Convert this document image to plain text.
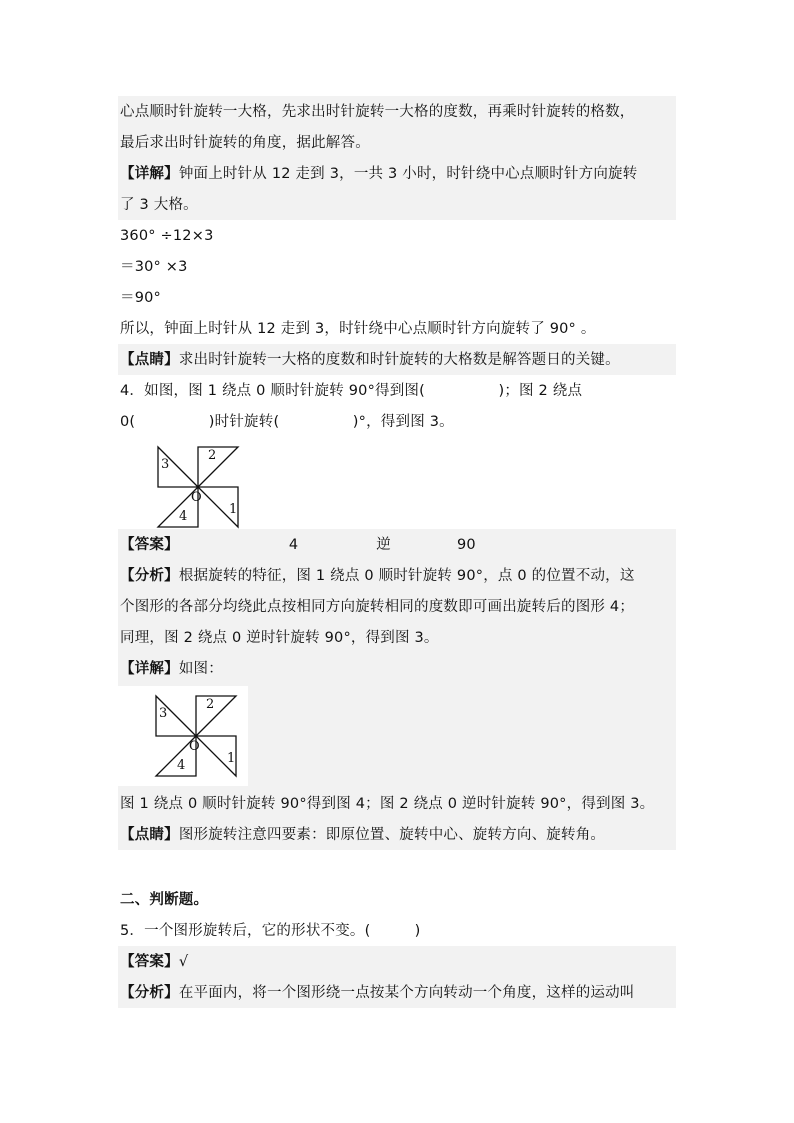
心点顺时针旋转一大格，先求出时针旋转一大格的度数，再乘时针旋转的格数，
最后求出时针旋转的角度，据此解答。
【详解】钟面上时针从 12 走到 3，一共 3 小时，时针绕中心点顺时针方向旋转
了 3 大格。
360° ÷12×3
＝30° ×3
＝90°
所以，钟面上时针从 12 走到 3，时针绕中心点顺时针方向旋转了 90° 。
【点睛】求出时针旋转一大格的度数和时针旋转的大格数是解答题日的关键。
4．如图，图 1 绕点 0 顺时针旋转 90°得到图(　　　　　)；图 2 绕点
0(　　　　　)时针旋转(　　　　　)°，得到图 3。
3
2
1
4
O
【答案】	4	逆	90
【分析】根据旋转的特征，图 1 绕点 0 顺时针旋转 90°，点 0 的位置不动，这
个图形的各部分均绕此点按相同方向旋转相同的度数即可画出旋转后的图形 4；
同理，图 2 绕点 0 逆时针旋转 90°，得到图 3。
【详解】如图：
3
2
1
4
O
图 1 绕点 0 顺时针旋转 90°得到图 4；图 2 绕点 0 逆时针旋转 90°，得到图 3。
【点睛】图形旋转注意四要素：即原位置、旋转中心、旋转方向、旋转角。
二、判断题。
5．一个图形旋转后，它的形状不变。(　　　)
【答案】√
【分析】在平面内，将一个图形绕一点按某个方向转动一个角度，这样的运动叫
